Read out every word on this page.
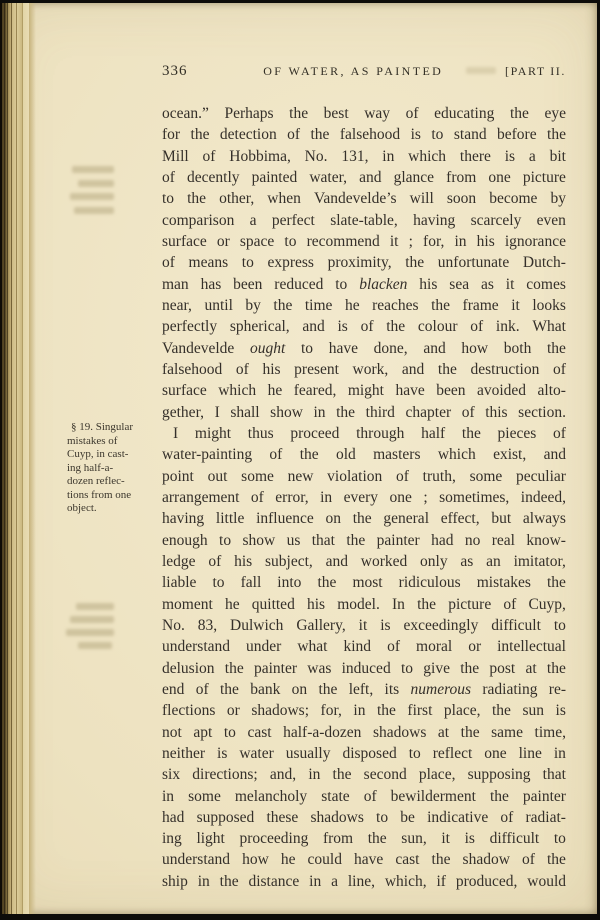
336	OF WATER, AS PAINTED	[PART II.
§ 19. Singular
mistakes of
Cuyp, in cast-
ing half-a-
dozen reflec-
tions from one
object.
ocean.” Perhaps the best way of educating the eye
for the detection of the falsehood is to stand before the
Mill of Hobbima, No. 131, in which there is a bit
of decently painted water, and glance from one picture
to the other, when Vandevelde’s will soon become by
comparison a perfect slate-table, having scarcely even
surface or space to recommend it ; for, in his ignorance
of means to express proximity, the unfortunate Dutch-
man has been reduced to blacken his sea as it comes
near, until by the time he reaches the frame it looks
perfectly spherical, and is of the colour of ink. What
Vandevelde ought to have done, and how both the
falsehood of his present work, and the destruction of
surface which he feared, might have been avoided alto-
gether, I shall show in the third chapter of this section.
I might thus proceed through half the pieces of
water-painting of the old masters which exist, and
point out some new violation of truth, some peculiar
arrangement of error, in every one ; sometimes, indeed,
having little influence on the general effect, but always
enough to show us that the painter had no real know-
ledge of his subject, and worked only as an imitator,
liable to fall into the most ridiculous mistakes the
moment he quitted his model. In the picture of Cuyp,
No. 83, Dulwich Gallery, it is exceedingly difficult to
understand under what kind of moral or intellectual
delusion the painter was induced to give the post at the
end of the bank on the left, its numerous radiating re-
flections or shadows; for, in the first place, the sun is
not apt to cast half-a-dozen shadows at the same time,
neither is water usually disposed to reflect one line in
six directions; and, in the second place, supposing that
in some melancholy state of bewilderment the painter
had supposed these shadows to be indicative of radiat-
ing light proceeding from the sun, it is difficult to
understand how he could have cast the shadow of the
ship in the distance in a line, which, if produced, would
